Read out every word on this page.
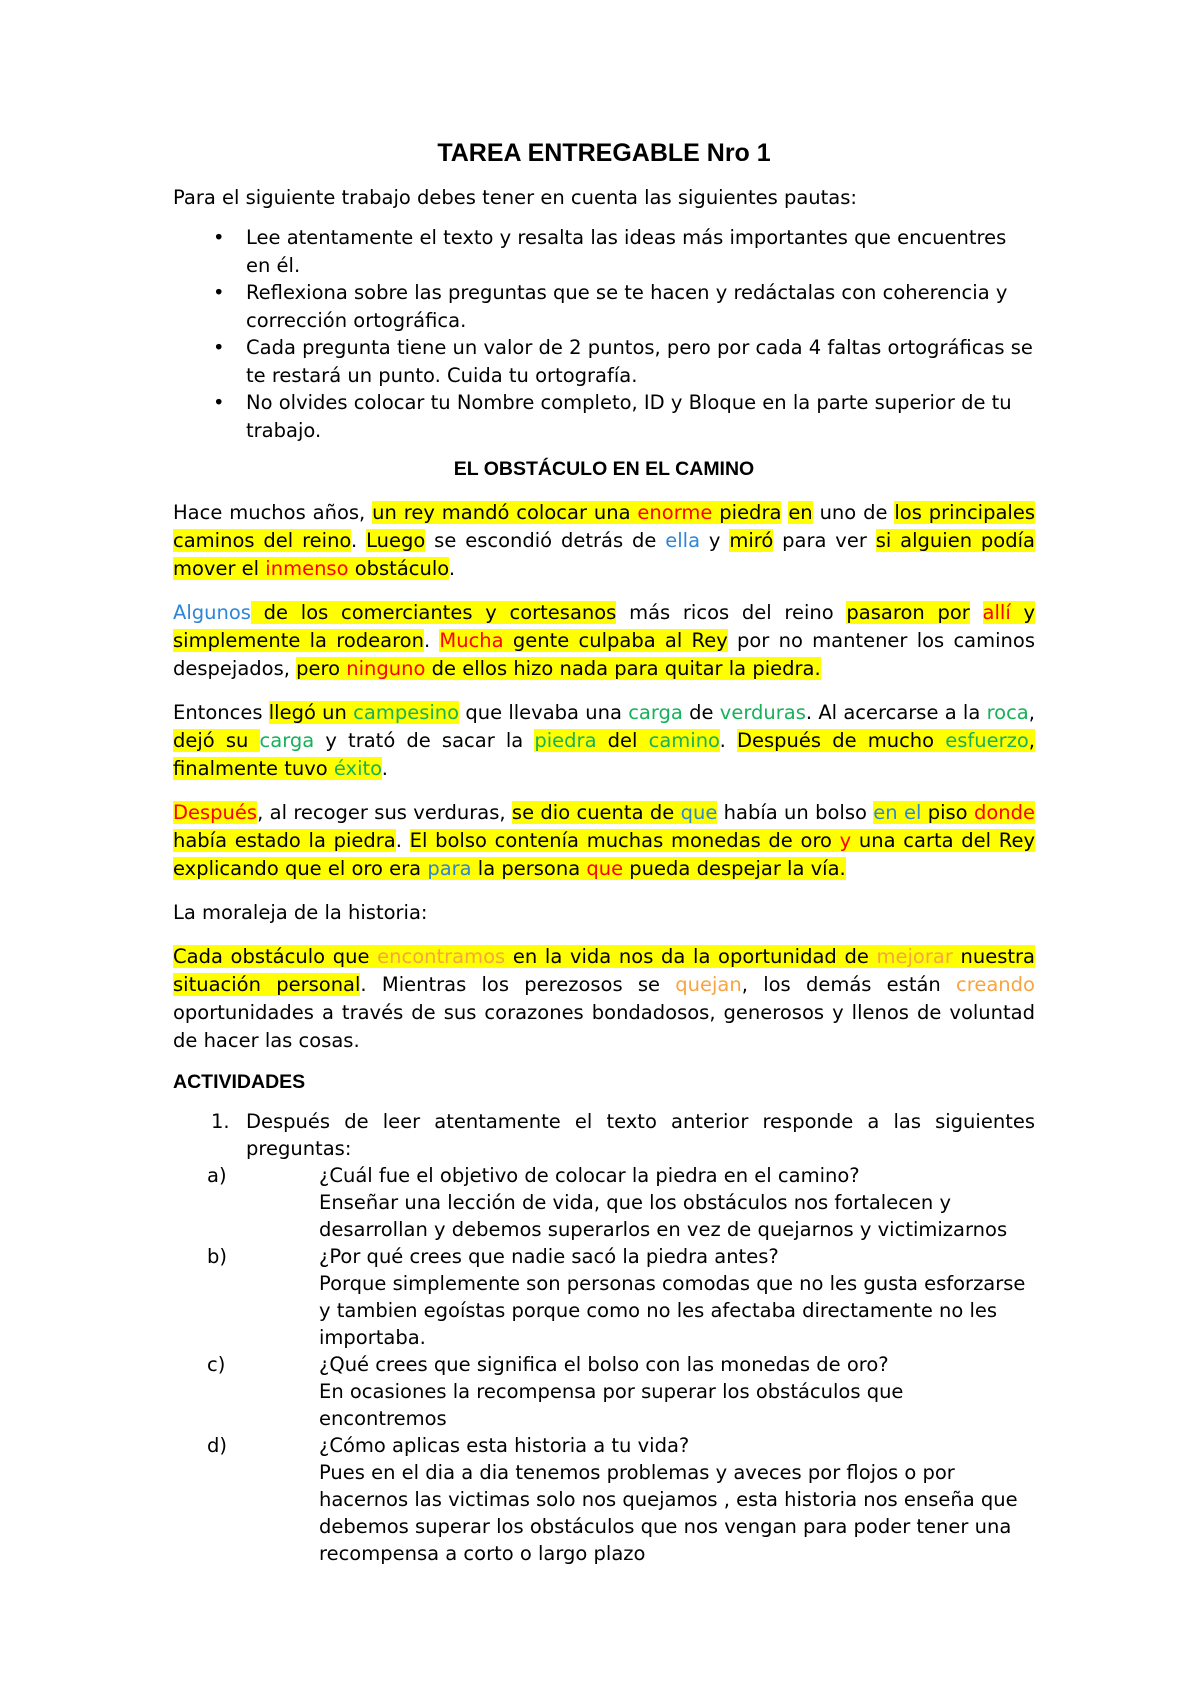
TAREA ENTREGABLE Nro 1

Para el siguiente trabajo debes tener en cuenta las siguientes pautas:

• Lee atentamente el texto y resalta las ideas más importantes que encuentres en él.
• Reflexiona sobre las preguntas que se te hacen y redáctalas con coherencia y corrección ortográfica.
• Cada pregunta tiene un valor de 2 puntos, pero por cada 4 faltas ortográficas se te restará un punto. Cuida tu ortografía.
• No olvides colocar tu Nombre completo, ID y Bloque en la parte superior de tu trabajo.
EL OBSTÁCULO EN EL CAMINO

Hace muchos años, un rey mandó colocar una enorme piedra en uno de los principales caminos del reino. Luego se escondió detrás de ella y miró para ver si alguien podía mover el inmenso obstáculo.

Algunos de los comerciantes y cortesanos más ricos del reino pasaron por allí y simplemente la rodearon. Mucha gente culpaba al Rey por no mantener los caminos despejados, pero ninguno de ellos hizo nada para quitar la piedra.

Entonces llegó un campesino que llevaba una carga de verduras. Al acercarse a la roca, dejó su carga y trató de sacar la piedra del camino. Después de mucho esfuerzo, finalmente tuvo éxito.

Después, al recoger sus verduras, se dio cuenta de que había un bolso en el piso donde había estado la piedra. El bolso contenía muchas monedas de oro y una carta del Rey explicando que el oro era para la persona que pueda despejar la vía.

La moraleja de la historia:

Cada obstáculo que encontramos en la vida nos da la oportunidad de mejorar nuestra situación personal. Mientras los perezosos se quejan, los demás están creando oportunidades a través de sus corazones bondadosos, generosos y llenos de voluntad de hacer las cosas.

ACTIVIDADES
1. Después de leer atentamente el texto anterior responde a las siguientes preguntas:
a)	¿Cuál fue el objetivo de colocar la piedra en el camino?
Enseñar una lección de vida, que los obstáculos nos fortalecen y desarrollan y debemos superarlos en vez de quejarnos y victimizarnos
b)	¿Por qué crees que nadie sacó la piedra antes?
Porque simplemente son personas comodas que no les gusta esforzarse y tambien egoístas porque como no les afectaba directamente no les importaba.
c)	¿Qué crees que significa el bolso con las monedas de oro?
En ocasiones la recompensa por superar los obstáculos que encontremos
d)	¿Cómo aplicas esta historia a tu vida?
Pues en el dia a dia tenemos problemas y aveces por flojos o por hacernos las victimas solo nos quejamos , esta historia nos enseña que debemos superar los obstáculos que nos vengan para poder tener una recompensa a corto o largo plazo
